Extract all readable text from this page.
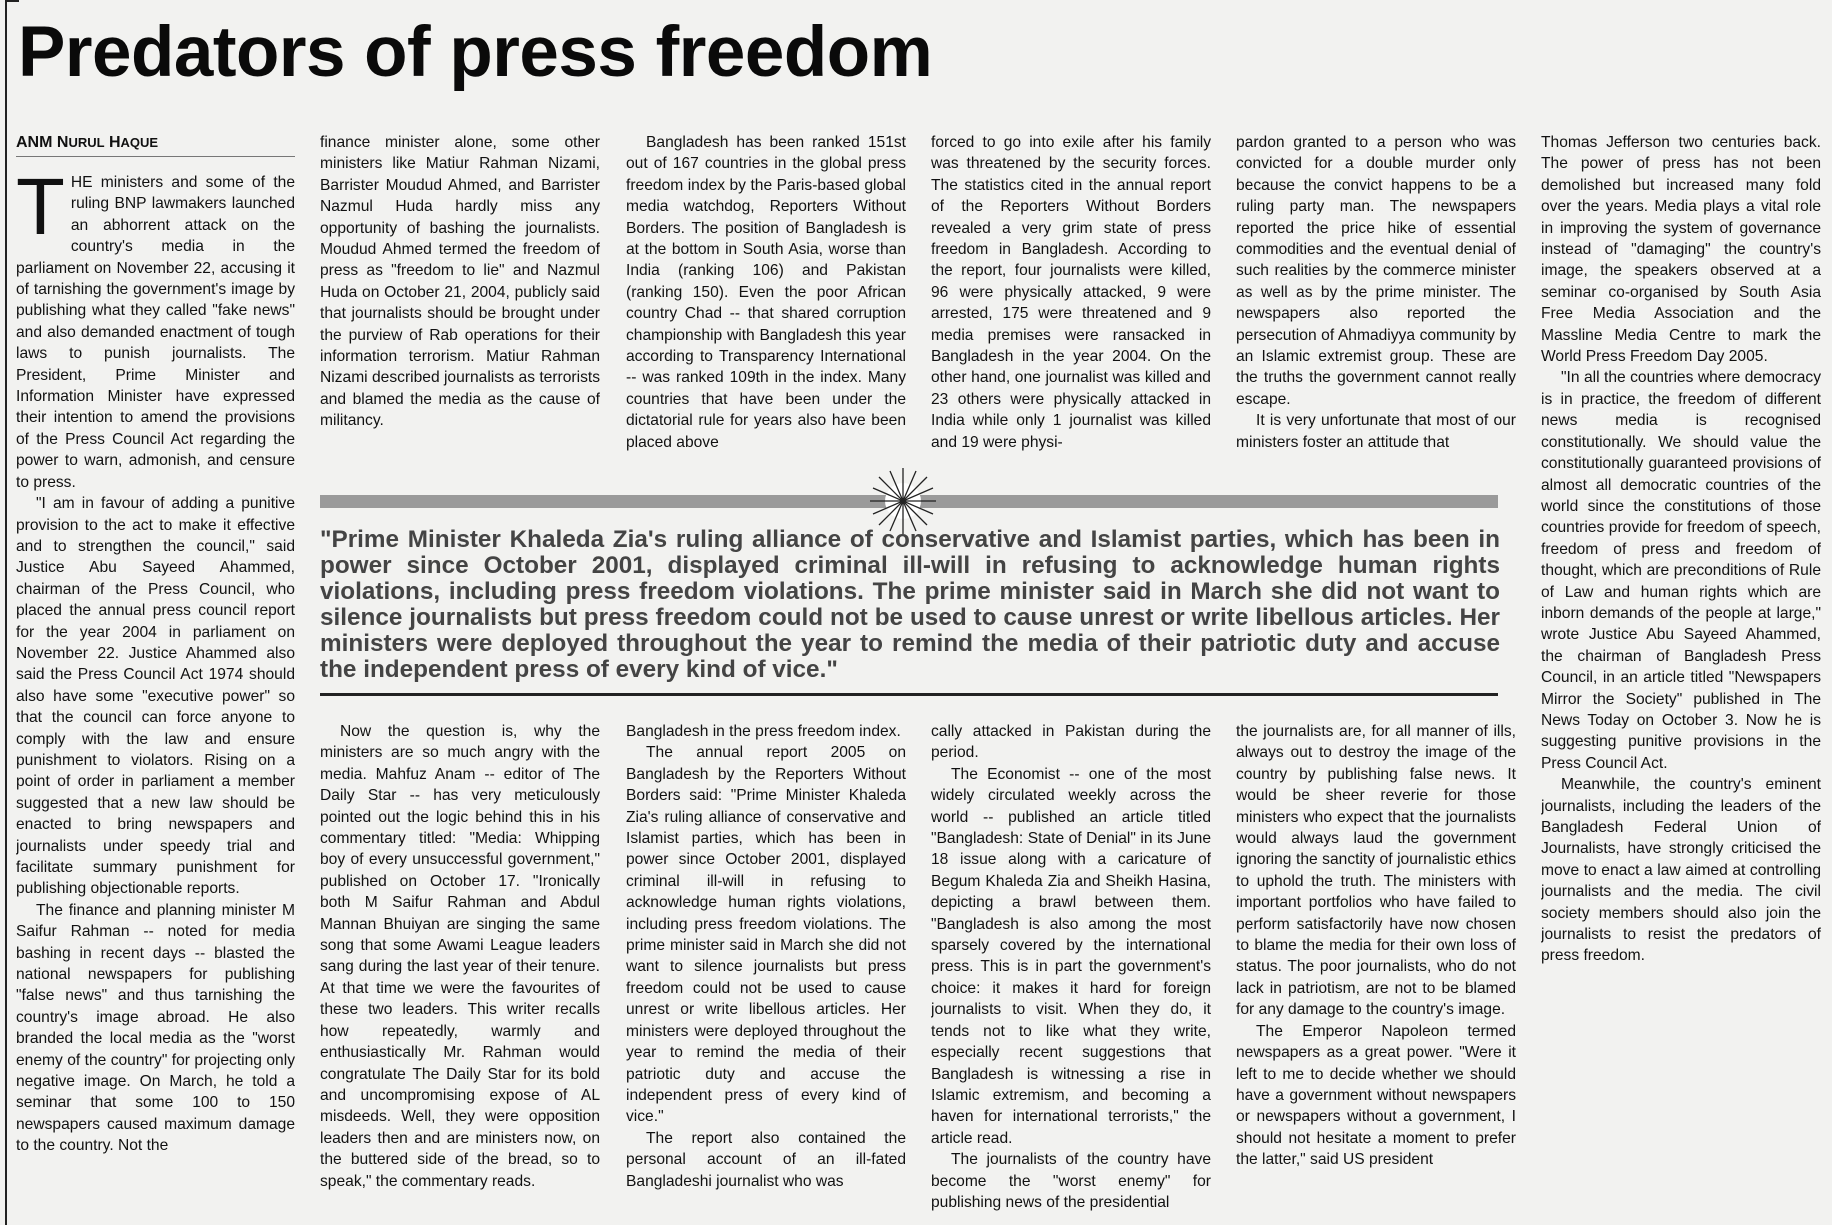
Predators of press freedom
ANM NURUL HAQUE

THE ministers and some of the ruling BNP lawmakers launched an abhorrent attack on the country's media in the parliament on November 22, accusing it of tarnishing the government's image by publishing what they called "fake news" and also demanded enactment of tough laws to punish journalists. The President, Prime Minister and Information Minister have expressed their intention to amend the provisions of the Press Council Act regarding the power to warn, admonish, and censure to press.

"I am in favour of adding a punitive provision to the act to make it effective and to strengthen the council," said Justice Abu Sayeed Ahammed, chairman of the Press Council, who placed the annual press council report for the year 2004 in parliament on November 22. Justice Ahammed also said the Press Council Act 1974 should also have some "executive power" so that the council can force anyone to comply with the law and ensure punishment to violators. Rising on a point of order in parliament a member suggested that a new law should be enacted to bring newspapers and journalists under speedy trial and facilitate summary punishment for publishing objectionable reports.

The finance and planning minister M Saifur Rahman -- noted for media bashing in recent days -- blasted the national newspapers for publishing "false news" and thus tarnishing the country's image abroad. He also branded the local media as the "worst enemy of the country" for projecting only negative image. On March, he told a seminar that some 100 to 150 newspapers caused maximum damage to the country. Not the

finance minister alone, some other ministers like Matiur Rahman Nizami, Barrister Moudud Ahmed, and Barrister Nazmul Huda hardly miss any opportunity of bashing the journalists. Moudud Ahmed termed the freedom of press as "freedom to lie" and Nazmul Huda on October 21, 2004, publicly said that journalists should be brought under the purview of Rab operations for their information terrorism. Matiur Rahman Nizami described journalists as terrorists and blamed the media as the cause of militancy.

Bangladesh has been ranked 151st out of 167 countries in the global press freedom index by the Paris-based global media watchdog, Reporters Without Borders. The position of Bangladesh is at the bottom in South Asia, worse than India (ranking 106) and Pakistan (ranking 150). Even the poor African country Chad -- that shared corruption championship with Bangladesh this year according to Transparency International -- was ranked 109th in the index. Many countries that have been under the dictatorial rule for years also have been placed above

forced to go into exile after his family was threatened by the security forces. The statistics cited in the annual report of the Reporters Without Borders revealed a very grim state of press freedom in Bangladesh. According to the report, four journalists were killed, 96 were physically attacked, 9 were arrested, 175 were threatened and 9 media premises were ransacked in Bangladesh in the year 2004. On the other hand, one journalist was killed and 23 others were physically attacked in India while only 1 journalist was killed and 19 were physi-

pardon granted to a person who was convicted for a double murder only because the convict happens to be a ruling party man. The newspapers reported the price hike of essential commodities and the eventual denial of such realities by the commerce minister as well as by the prime minister. The newspapers also reported the persecution of Ahmadiyya community by an Islamic extremist group. These are the truths the government cannot really escape.

It is very unfortunate that most of our ministers foster an attitude that

"Prime Minister Khaleda Zia's ruling alliance of conservative and Islamist parties, which has been in power since October 2001, displayed criminal ill-will in refusing to acknowledge human rights violations, including press freedom violations. The prime minister said in March she did not want to silence journalists but press freedom could not be used to cause unrest or write libellous articles. Her ministers were deployed throughout the year to remind the media of their patriotic duty and accuse the independent press of every kind of vice."

Now the question is, why the ministers are so much angry with the media. Mahfuz Anam -- editor of The Daily Star -- has very meticulously pointed out the logic behind this in his commentary titled: "Media: Whipping boy of every unsuccessful government," published on October 17. "Ironically both M Saifur Rahman and Abdul Mannan Bhuiyan are singing the same song that some Awami League leaders sang during the last year of their tenure. At that time we were the favourites of these two leaders. This writer recalls how repeatedly, warmly and enthusiastically Mr. Rahman would congratulate The Daily Star for its bold and uncompromising expose of AL misdeeds. Well, they were opposition leaders then and are ministers now, on the buttered side of the bread, so to speak," the commentary reads.

Bangladesh in the press freedom index.

The annual report 2005 on Bangladesh by the Reporters Without Borders said: "Prime Minister Khaleda Zia's ruling alliance of conservative and Islamist parties, which has been in power since October 2001, displayed criminal ill-will in refusing to acknowledge human rights violations, including press freedom violations. The prime minister said in March she did not want to silence journalists but press freedom could not be used to cause unrest or write libellous articles. Her ministers were deployed throughout the year to remind the media of their patriotic duty and accuse the independent press of every kind of vice."

The report also contained the personal account of an ill-fated Bangladeshi journalist who was

cally attacked in Pakistan during the period.

The Economist -- one of the most widely circulated weekly across the world -- published an article titled "Bangladesh: State of Denial" in its June 18 issue along with a caricature of Begum Khaleda Zia and Sheikh Hasina, depicting a brawl between them. "Bangladesh is also among the most sparsely covered by the international press. This is in part the government's choice: it makes it hard for foreign journalists to visit. When they do, it tends not to like what they write, especially recent suggestions that Bangladesh is witnessing a rise in Islamic extremism, and becoming a haven for international terrorists," the article read.

The journalists of the country have become the "worst enemy" for publishing news of the presidential

the journalists are, for all manner of ills, always out to destroy the image of the country by publishing false news. It would be sheer reverie for those ministers who expect that the journalists would always laud the government ignoring the sanctity of journalistic ethics to uphold the truth. The ministers with important portfolios who have failed to perform satisfactorily have now chosen to blame the media for their own loss of status. The poor journalists, who do not lack in patriotism, are not to be blamed for any damage to the country's image.

The Emperor Napoleon termed newspapers as a great power. "Were it left to me to decide whether we should have a government without newspapers or newspapers without a government, I should not hesitate a moment to prefer the latter," said US president

Thomas Jefferson two centuries back. The power of press has not been demolished but increased many fold over the years. Media plays a vital role in improving the system of governance instead of "damaging" the country's image, the speakers observed at a seminar co-organised by South Asia Free Media Association and the Massline Media Centre to mark the World Press Freedom Day 2005.

"In all the countries where democracy is in practice, the freedom of different news media is recognised constitutionally. We should value the constitutionally guaranteed provisions of almost all democratic countries of the world since the constitutions of those countries provide for freedom of speech, freedom of press and freedom of thought, which are preconditions of Rule of Law and human rights which are inborn demands of the people at large," wrote Justice Abu Sayeed Ahammed, the chairman of Bangladesh Press Council, in an article titled "Newspapers Mirror the Society" published in The News Today on October 3. Now he is suggesting punitive provisions in the Press Council Act.

Meanwhile, the country's eminent journalists, including the leaders of the Bangladesh Federal Union of Journalists, have strongly criticised the move to enact a law aimed at controlling journalists and the media. The civil society members should also join the journalists to resist the predators of press freedom.
